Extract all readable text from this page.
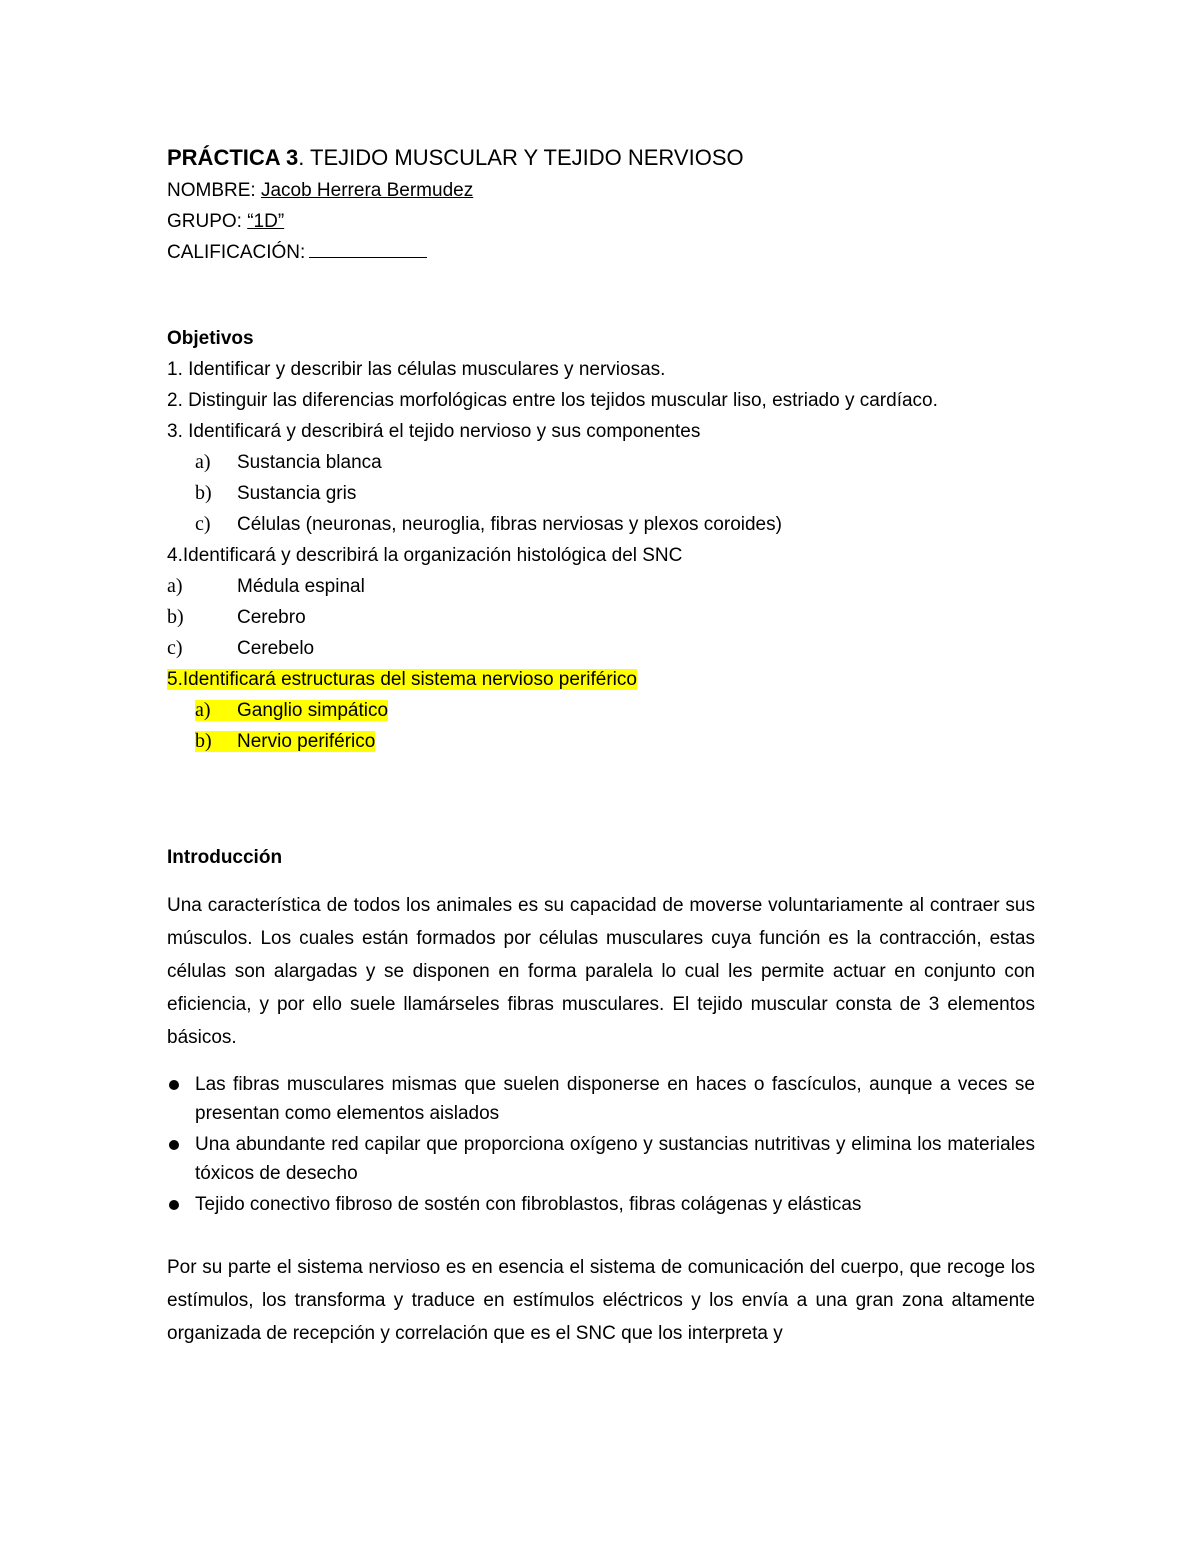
PRÁCTICA 3. TEJIDO MUSCULAR Y TEJIDO NERVIOSO
NOMBRE: Jacob Herrera Bermudez
GRUPO: “1D”
CALIFICACIÓN:
Objetivos
1. Identificar y describir las células musculares y nerviosas.
2. Distinguir las diferencias morfológicas entre los tejidos muscular liso, estriado y cardíaco.
3. Identificará y describirá el tejido nervioso y sus componentes
a) Sustancia blanca
b) Sustancia gris
c) Células (neuronas, neuroglia, fibras nerviosas y plexos coroides)
4.Identificará y describirá la organización histológica del SNC
a)	Médula espinal
b)	Cerebro
c)	Cerebelo
5.Identificará estructuras del sistema nervioso periférico
a) Ganglio simpático
b) Nervio periférico
Introducción
Una característica de todos los animales es su capacidad de moverse voluntariamente al contraer sus músculos. Los cuales están formados por células musculares cuya función es la contracción, estas células son alargadas y se disponen en forma paralela lo cual les permite actuar en conjunto con eficiencia, y por ello suele llamárseles fibras musculares. El tejido muscular consta de 3 elementos básicos.
Las fibras musculares mismas que suelen disponerse en haces o fascículos, aunque a veces se presentan como elementos aislados
Una abundante red capilar que proporciona oxígeno y sustancias nutritivas y elimina los materiales tóxicos de desecho
Tejido conectivo fibroso de sostén con fibroblastos, fibras colágenas y elásticas
Por su parte el sistema nervioso es en esencia el sistema de comunicación del cuerpo, que recoge los estímulos, los transforma y traduce en estímulos eléctricos y los envía a una gran zona altamente organizada de recepción y correlación que es el SNC que los interpreta y
